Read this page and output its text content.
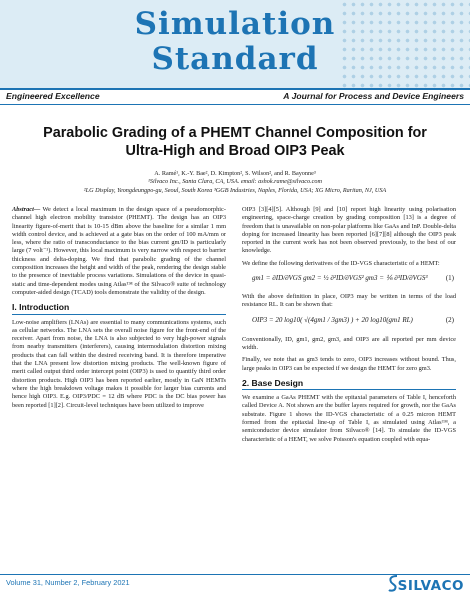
Simulation
Standard
Engineered Excellence	A Journal for Process and Device Engineers
Parabolic Grading of a PHEMT Channel Composition for
Ultra-High and Broad OIP3 Peak
A. Ramé¹, K.-Y. Bae², D. Kimpton², S. Wilson², and R. Bayonne³
¹Silvaco Inc., Santa Clara, CA, USA. email: ashok.rame@silvaco.com
²LG Display, Yeongdeungpo-gu, Seoul, South Korea ³GGB Industries, Naples, Florida, USA; XG Micro, Raritan, NJ, USA

Abstract— We detect a local maximum in the design space of a pseudomorphic-channel high electron mobility transistor (PHEMT). The design has an OIP3 linearity figure-of-merit that is 10-15 dBm above the baseline for a similar 1 mm width control device, and is achieved at a gate bias on the order of 100 mA/mm or less, where the ratio of transconductance to the bias current gm/ID is particularly large (7 volt⁻¹). However, this local maximum is very narrow with respect to barrier thickness and delta-doping. We find that parabolic grading of the channel composition increases the height and width of the peak, rendering the design stable to the presence of inevitable process variations. Simulations of the device in quasi-static and time-dependent modes using Atlas™ of the Silvaco® suite of technology computer-aided design (TCAD) tools demonstrate the validity of the design.

I. Introduction

Low-noise amplifiers (LNAs) are essential to many communications systems, such as cellular networks. The LNA sets the overall noise figure for the front-end of the receiver. Apart from noise, the LNA is also subjected to very high-power signals from nearby transmitters (interferers), causing intermodulation distortion mixing products that can fall within the desired receiving band. It is therefore imperative that the LNA present low distortion mixing products. The well-known figure of merit called output third order intercept point (OIP3) is used to quantify third order distortion products. High OIP3 has been reported earlier, mostly in GaN HEMTs where the high breakdown voltage makes it possible for larger bias currents and hence high OIP3. E.g. OIP3/PDC = 12 dB where PDC is the DC bias power has been reported [1][2]. Circuit-level techniques have been utilized to improve

OIP3 [3][4][5]. Although [9] and [10] report high linearity using polarisation engineering, space-charge creation by grading composition [13] is a degree of freedom that is unavailable on non-polar platforms like GaAs and InP. Double-delta doping for increased linearity has been reported [6][7][8] although the OIP3 peak reported in the current work has not been observed previously, to the best of our knowledge.

We define the following derivatives of the ID-VGS characteristic of a HEMT:

gm1 = ∂ID/∂VGS gm2 = ½ ∂²ID/∂VGS² gm3 = ⅙ ∂³ID/∂VGS³	(1)

With the above definition in place, OIP3 may be written in terms of the load resistance RL. It can be shown that:

OIP3 = 20 log10( √(4gm1 / 3gm3) ) + 20 log10(gm1 RL)	(2)

Conventionally, ID, gm1, gm2, gm3, and OIP3 are all reported per mm device width.

Finally, we note that as gm3 tends to zero, OIP3 increases without bound. Thus, large peaks in OIP3 can be expected if we design the HEMT for zero gm3.

2. Base Design

We examine a GaAs PHEMT with the epitaxial parameters of Table I, henceforth called Device A. Not shown are the buffer layers required for growth, nor the GaAs substrate. Figure 1 shows the ID-VGS characteristic of a 0.25 micron HEMT formed from the epitaxial line-up of Table I, as simulated using Atlas™, a semiconductor device simulator from Silvaco® [14]. To simulate the ID-VGS characteristic of a HEMT, we solve Poisson's equation coupled with equa-

Volume 31, Number 2, February 2021	SILVACO
